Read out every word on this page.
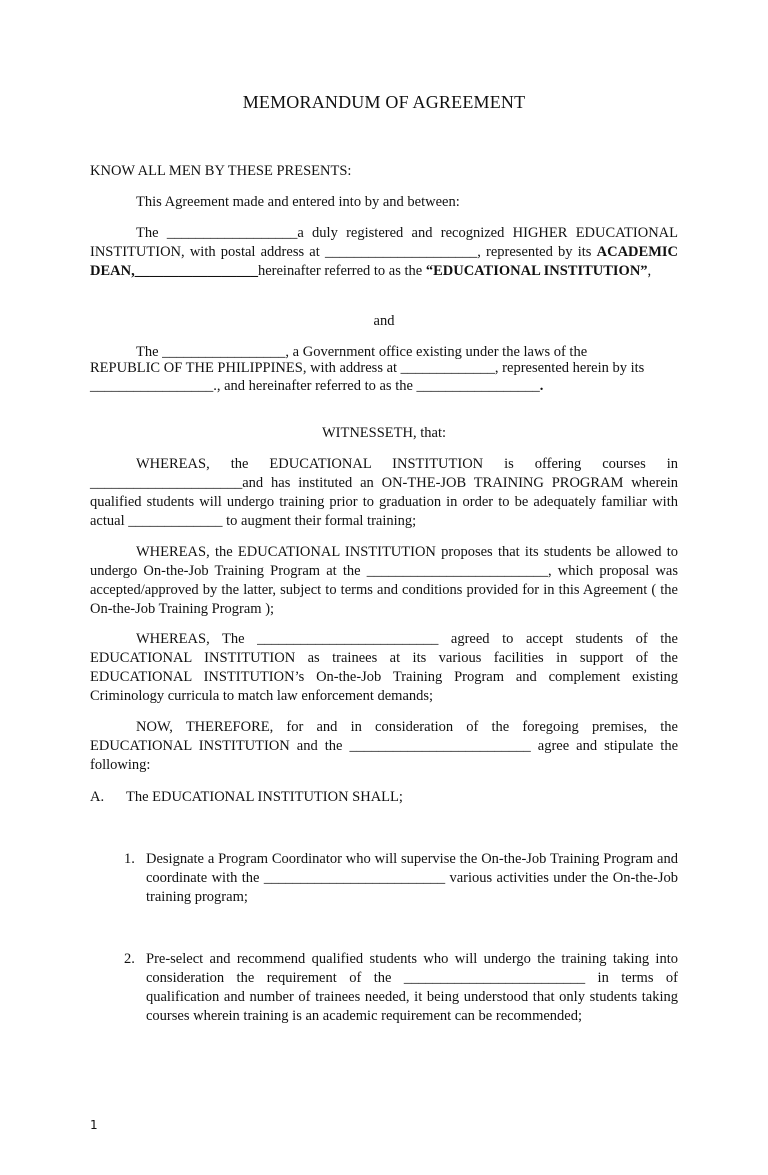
MEMORANDUM OF AGREEMENT
KNOW ALL MEN BY THESE PRESENTS:
This Agreement made and entered into by and between:
The __________________a duly registered and recognized HIGHER EDUCATIONAL INSTITUTION, with postal address at _____________________, represented by its ACADEMIC DEAN,_________________hereinafter referred to as the “EDUCATIONAL INSTITUTION”,
and
The _________________, a Government office existing under the laws of the
REPUBLIC OF THE PHILIPPINES, with address at _____________, represented herein by its
_________________., and hereinafter referred to as the _________________.
WITNESSETH, that:
WHEREAS, the EDUCATIONAL INSTITUTION is offering courses in _____________________and has instituted an ON-THE-JOB TRAINING PROGRAM wherein qualified students will undergo training prior to graduation in order to be adequately familiar with actual _____________ to augment their formal training;
WHEREAS, the EDUCATIONAL INSTITUTION proposes that its students be allowed to undergo On-the-Job Training Program at the _________________________, which proposal was accepted/approved by the latter, subject to terms and conditions provided for in this Agreement ( the On-the-Job Training Program );
WHEREAS, The _________________________ agreed to accept students of the EDUCATIONAL INSTITUTION as trainees at its various facilities in support of the EDUCATIONAL INSTITUTION’s On-the-Job Training Program and complement existing Criminology curricula to match law enforcement demands;
NOW, THEREFORE, for and in consideration of the foregoing premises, the EDUCATIONAL INSTITUTION and the _________________________ agree and stipulate the following:
A. The EDUCATIONAL INSTITUTION SHALL;
1. Designate a Program Coordinator who will supervise the On-the-Job Training Program and coordinate with the _________________________ various activities under the On-the-Job training program;
2. Pre-select and recommend qualified students who will undergo the training taking into consideration the requirement of the _________________________ in terms of qualification and number of trainees needed, it being understood that only students taking courses wherein training is an academic requirement can be recommended;
1
